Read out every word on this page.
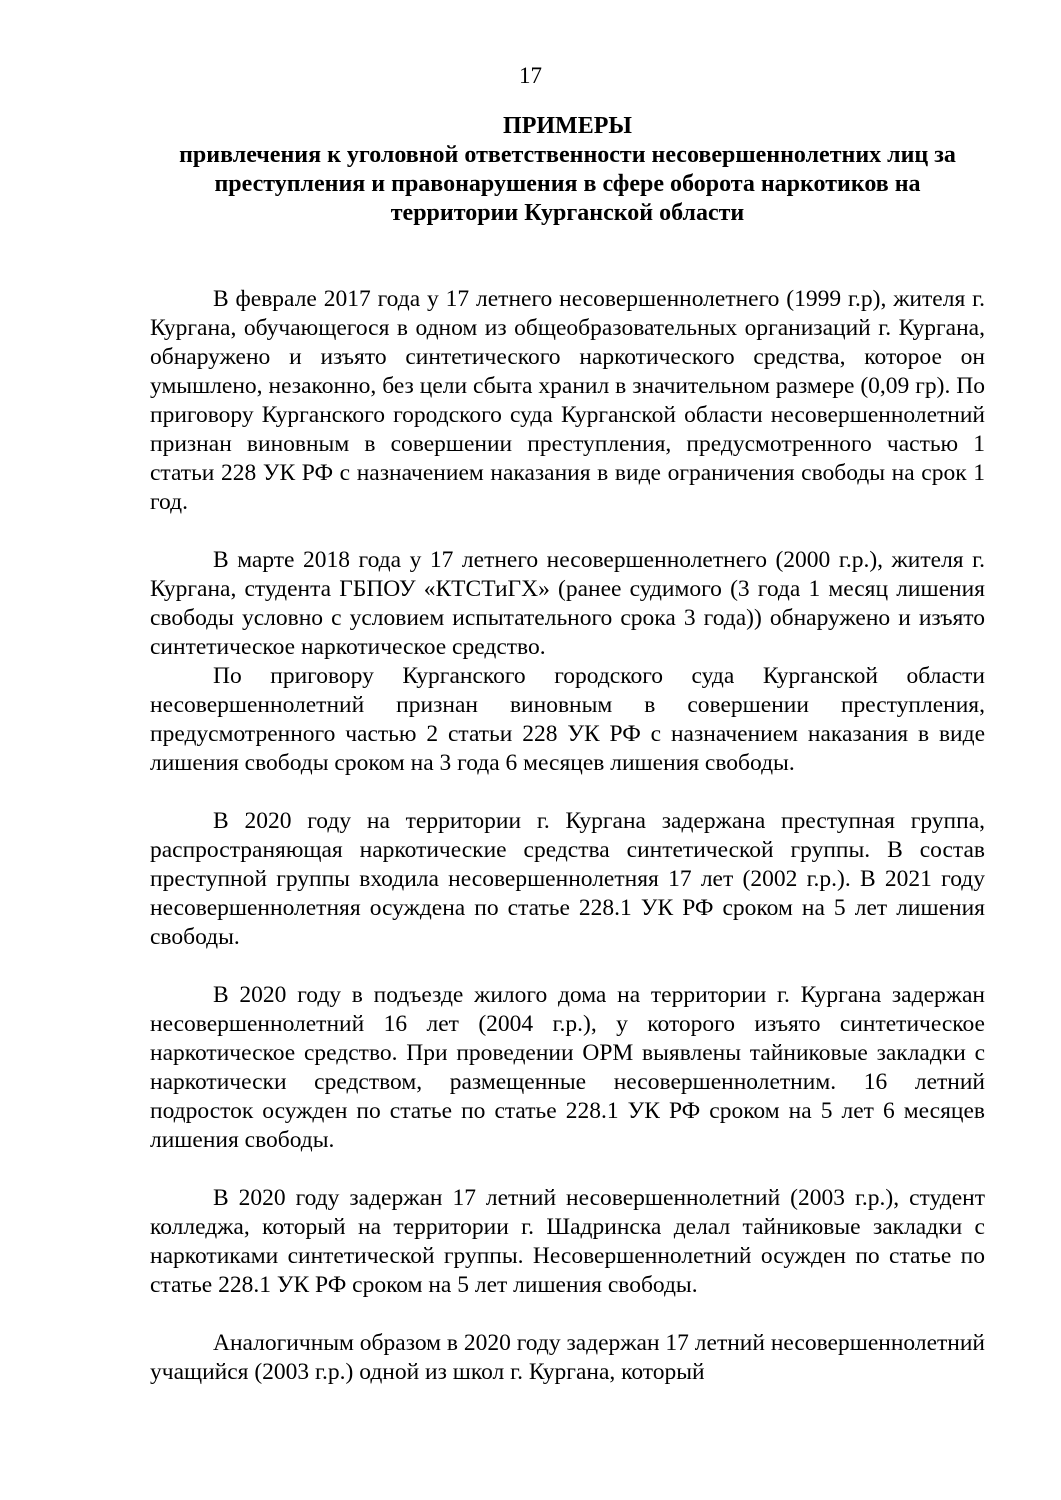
17
ПРИМЕРЫ
привлечения к уголовной ответственности несовершеннолетних лиц за
преступления и правонарушения в сфере оборота наркотиков на
территории Курганской области

В феврале 2017 года у 17 летнего несовершеннолетнего (1999 г.р), жителя г. Кургана, обучающегося в одном из общеобразовательных организаций г. Кургана, обнаружено и изъято синтетического наркотического средства, которое он умышлено, незаконно, без цели сбыта хранил в значительном размере (0,09 гр). По приговору Курганского городского суда Курганской области несовершеннолетний признан виновным в совершении преступления, предусмотренного частью 1 статьи 228 УК РФ с назначением наказания в виде ограничения свободы на срок 1 год.

В марте 2018 года у 17 летнего несовершеннолетнего (2000 г.р.), жителя г. Кургана, студента ГБПОУ «КТСТиГХ» (ранее судимого (3 года 1 месяц лишения свободы условно с условием испытательного срока 3 года)) обнаружено и изъято синтетическое наркотическое средство.

По приговору Курганского городского суда Курганской области несовершеннолетний признан виновным в совершении преступления, предусмотренного частью 2 статьи 228 УК РФ с назначением наказания в виде лишения свободы сроком на 3 года 6 месяцев лишения свободы.

В 2020 году на территории г. Кургана задержана преступная группа, распространяющая наркотические средства синтетической группы. В состав преступной группы входила несовершеннолетняя 17 лет (2002 г.р.). В 2021 году несовершеннолетняя осуждена по статье 228.1 УК РФ сроком на 5 лет лишения свободы.

В 2020 году в подъезде жилого дома на территории г. Кургана задержан несовершеннолетний 16 лет (2004 г.р.), у которого изъято синтетическое наркотическое средство. При проведении ОРМ выявлены тайниковые закладки с наркотически средством, размещенные несовершеннолетним. 16 летний подросток осужден по статье по статье 228.1 УК РФ сроком на 5 лет 6 месяцев лишения свободы.

В 2020 году задержан 17 летний несовершеннолетний (2003 г.р.), студент колледжа, который на территории г. Шадринска делал тайниковые закладки с наркотиками синтетической группы. Несовершеннолетний осужден по статье по статье 228.1 УК РФ сроком на 5 лет лишения свободы.

Аналогичным образом в 2020 году задержан 17 летний несовершеннолетний учащийся (2003 г.р.) одной из школ г. Кургана, который
